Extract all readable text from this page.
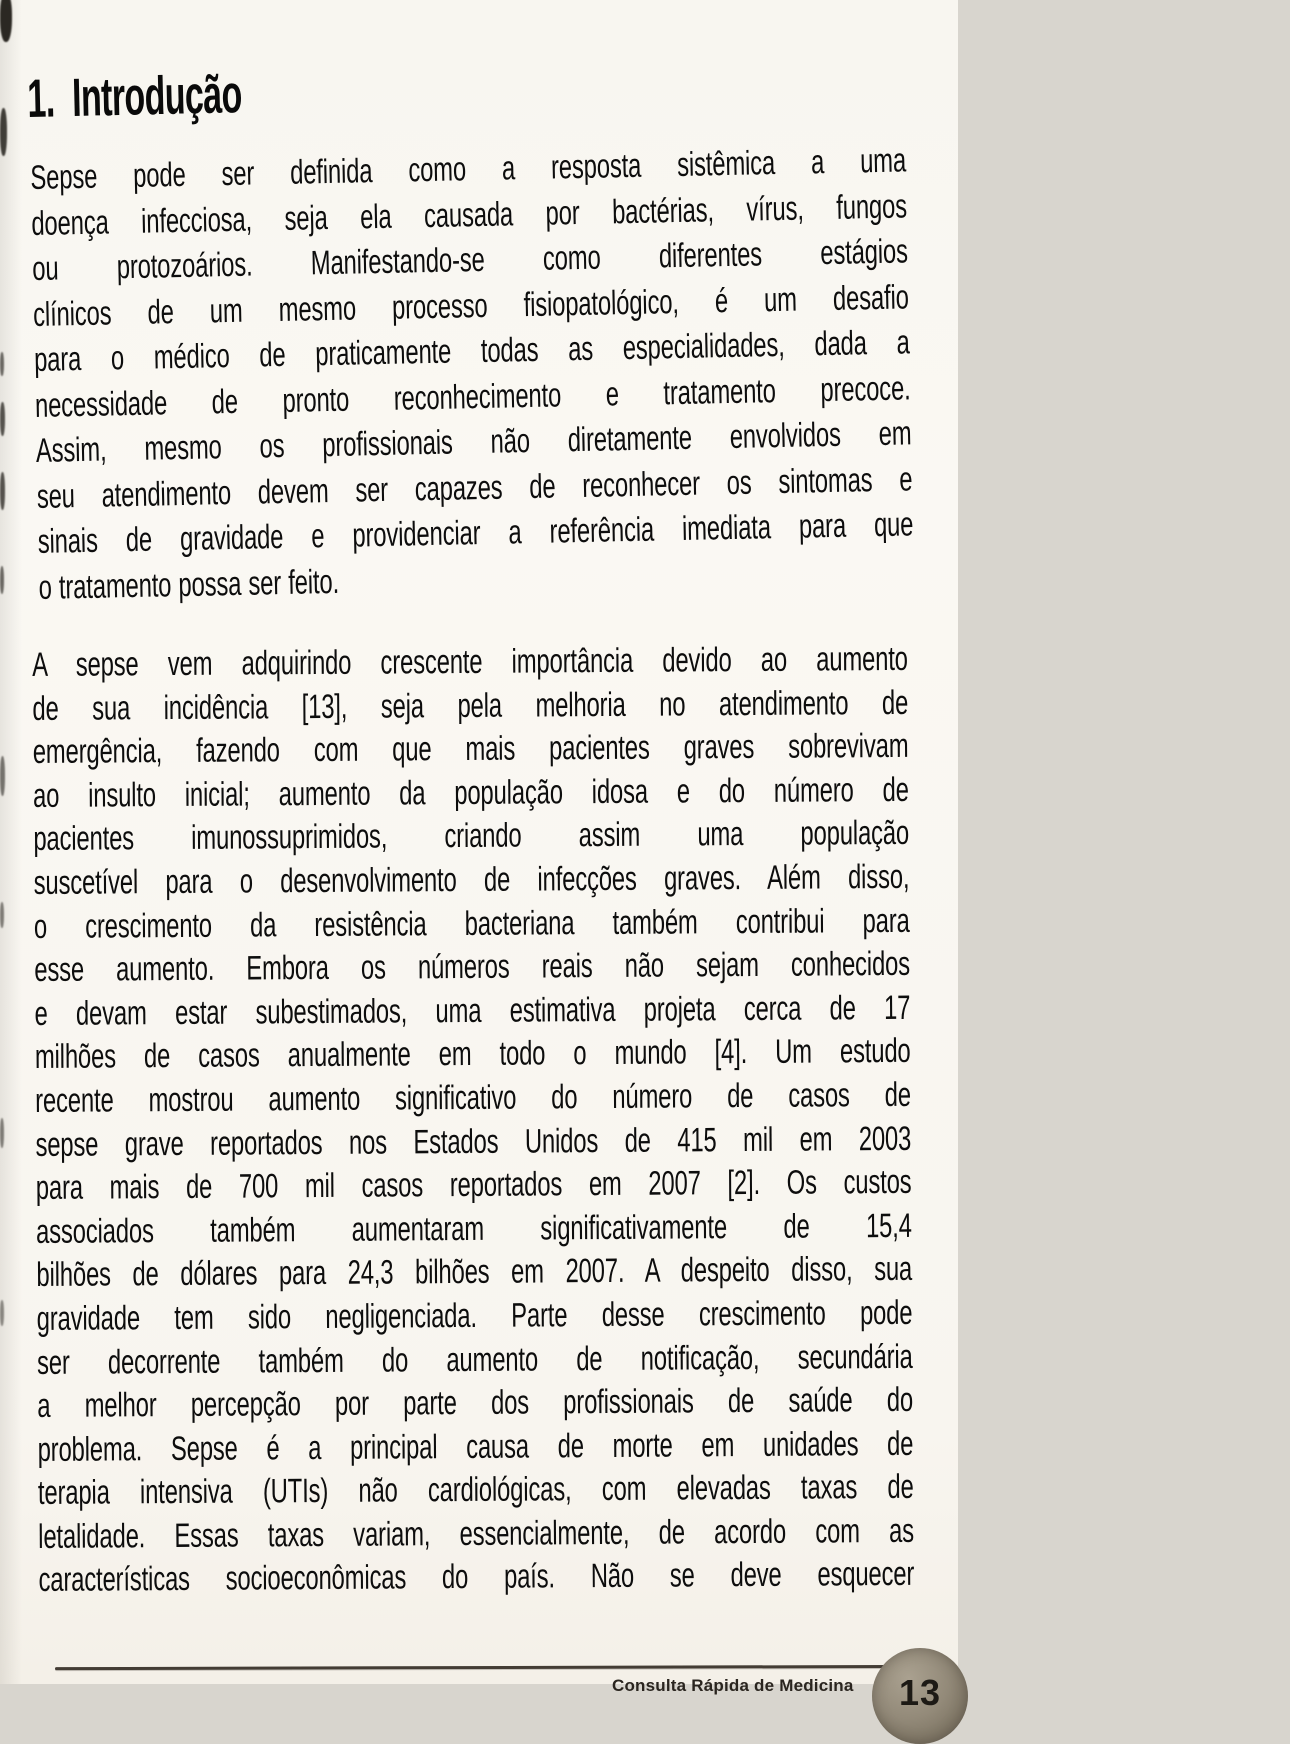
1. Introdução
Sepse pode ser definida como a resposta sistêmica a uma
doença infecciosa, seja ela causada por bactérias, vírus, fungos
ou protozoários. Manifestando-se como diferentes estágios
clínicos de um mesmo processo fisiopatológico, é um desafio
para o médico de praticamente todas as especialidades, dada a
necessidade de pronto reconhecimento e tratamento precoce.
Assim, mesmo os profissionais não diretamente envolvidos em
seu atendimento devem ser capazes de reconhecer os sintomas e
sinais de gravidade e providenciar a referência imediata para que
o tratamento possa ser feito.
A sepse vem adquirindo crescente importância devido ao aumento
de sua incidência [13], seja pela melhoria no atendimento de
emergência, fazendo com que mais pacientes graves sobrevivam
ao insulto inicial; aumento da população idosa e do número de
pacientes imunossuprimidos, criando assim uma população
suscetível para o desenvolvimento de infecções graves. Além disso,
o crescimento da resistência bacteriana também contribui para
esse aumento. Embora os números reais não sejam conhecidos
e devam estar subestimados, uma estimativa projeta cerca de 17
milhões de casos anualmente em todo o mundo [4]. Um estudo
recente mostrou aumento significativo do número de casos de
sepse grave reportados nos Estados Unidos de 415 mil em 2003
para mais de 700 mil casos reportados em 2007 [2]. Os custos
associados também aumentaram significativamente de 15,4
bilhões de dólares para 24,3 bilhões em 2007. A despeito disso, sua
gravidade tem sido negligenciada. Parte desse crescimento pode
ser decorrente também do aumento de notificação, secundária
a melhor percepção por parte dos profissionais de saúde do
problema. Sepse é a principal causa de morte em unidades de
terapia intensiva (UTIs) não cardiológicas, com elevadas taxas de
letalidade. Essas taxas variam, essencialmente, de acordo com as
características socioeconômicas do país. Não se deve esquecer
Consulta Rápida de Medicina	13
